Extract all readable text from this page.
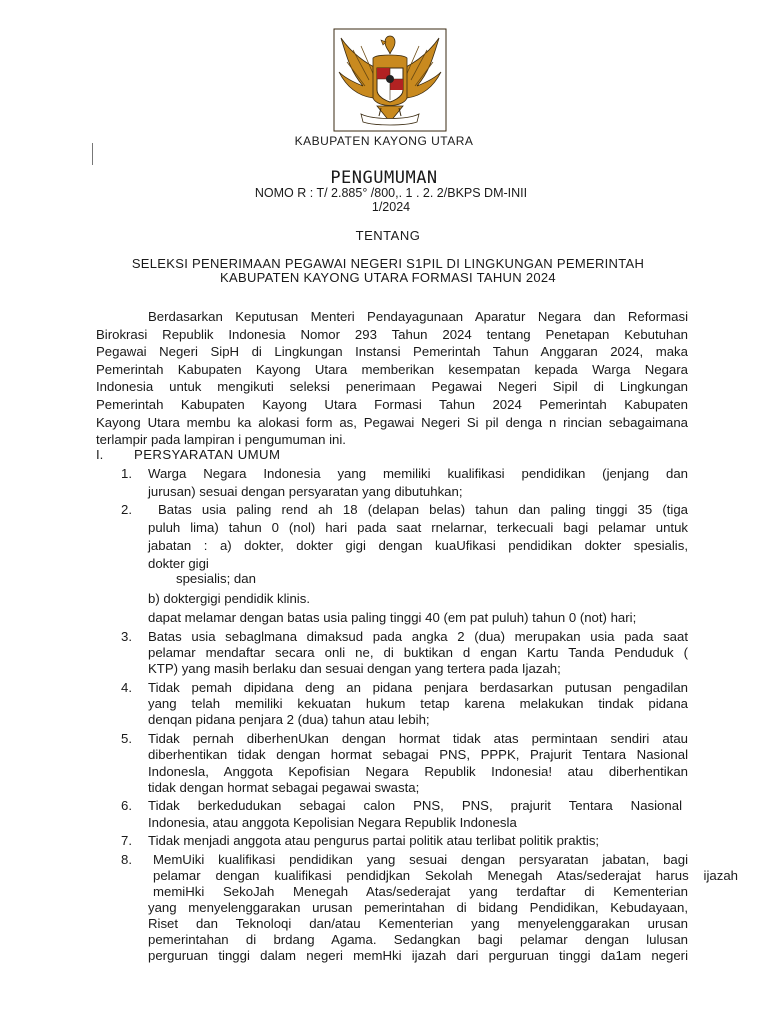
KABUPATEN KAYONG UTARA
PENGUMUMAN
NOMO R : T/ 2.885° /800,. 1 . 2. 2/BKPS DM-INII
1/2024
TENTANG
SELEKSI PENERIMAAN PEGAWAI NEGERI S1PIL DI LINGKUNGAN PEMERINTAH
KABUPATEN KAYONG UTARA FORMASI TAHUN 2024
Berdasarkan Keputusan Menteri Pendayagunaan Aparatur Negara dan Reformasi
Birokrasi Republik Indonesia Nomor 293 Tahun 2024 tentang Penetapan Kebutuhan
Pegawai Negeri SipH di Lingkungan Instansi Pemerintah Tahun Anggaran 2024, maka
Pemerintah Kabupaten Kayong Utara memberikan kesempatan kepada Warga Negara
Indonesia untuk mengikuti seleksi penerimaan Pegawai Negeri Sipil di Lingkungan
Pemerintah Kabupaten Kayong Utara Formasi Tahun 2024 Pemerintah Kabupaten
Kayong Utara membu ka alokasi form as, Pegawai Negeri Si pil denga n rincian sebagaimana
terlampir pada lampiran i pengumuman ini.
I. PERSYARATAN UMUM
1. Warga Negara Indonesia yang memiliki kualifikasi pendidikan (jenjang dan
jurusan) sesuai dengan persyaratan yang dibutuhkan;
2. Batas usia paling rend ah 18 (delapan belas) tahun dan paling tinggi 35 (tiga
puluh lima) tahun 0 (nol) hari pada saat rnelarnar, terkecuali bagi pelamar untuk
jabatan : a) dokter, dokter gigi dengan kuaUfikasi pendidikan dokter spesialis,
dokter gigi
spesialis; dan
b) doktergigi pendidik klinis.
dapat melamar dengan batas usia paling tinggi 40 (em pat puluh) tahun 0 (not) hari;
3. Batas usia sebaglmana dimaksud pada angka 2 (dua) merupakan usia pada saat
pelamar mendaftar secara onli ne, di buktikan d engan Kartu Tanda Penduduk (
KTP) yang masih berlaku dan sesuai dengan yang tertera pada Ijazah;
4. Tidak pemah dipidana deng an pidana penjara berdasarkan putusan pengadilan
yang telah memiliki kekuatan hukum tetap karena melakukan tindak pidana
denqan pidana penjara 2 (dua) tahun atau lebih;
5. Tidak pernah diberhenUkan dengan hormat tidak atas permintaan sendiri atau
diberhentikan tidak dengan hormat sebagai PNS, PPPK, Prajurit Tentara Nasional
Indonesla, Anggota Kepofisian Negara Republik Indonesia! atau diberhentikan
tidak dengan hormat sebagai pegawai swasta;
6. Tidak berkedudukan sebagai calon PNS, PNS, prajurit Tentara Nasional
Indonesia, atau anggota Kepolisian Negara Republik Indonesla
7. Tidak menjadi anggota atau pengurus partai politik atau terlibat politik praktis;
8. MemUiki kualifikasi pendidikan yang sesuai dengan persyaratan jabatan, bagi
pelamar dengan kualifikasi pendidjkan Sekolah Menegah Atas/sederajat harus ijazah
memiHki SekoJah Menegah Atas/sederajat yang terdaftar di Kementerian
yang menyelenggarakan urusan pemerintahan di bidang Pendidikan, Kebudayaan,
Riset dan Teknoloqi dan/atau Kementerian yang menyelenggarakan urusan
pemerintahan di brdang Agama. Sedangkan bagi pelamar dengan lulusan
perguruan tinggi dalam negeri memHki ijazah dari perguruan tinggi da1am negeri
